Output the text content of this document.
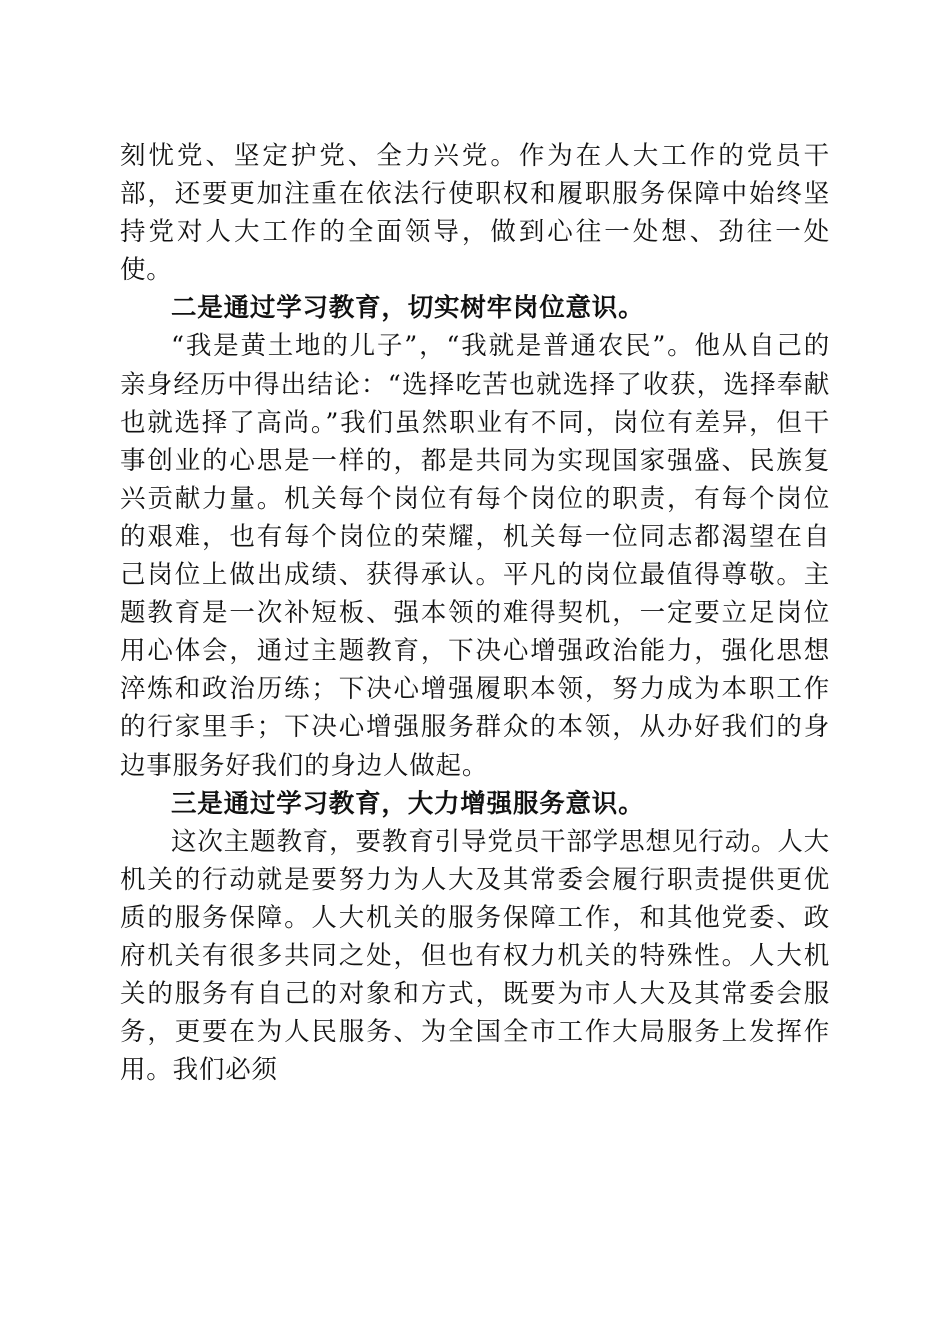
刻忧党、坚定护党、全力兴党。作为在人大工作的党员干部，还要更加注重在依法行使职权和履职服务保障中始终坚持党对人大工作的全面领导，做到心往一处想、劲往一处使。

二是通过学习教育，切实树牢岗位意识。

“我是黄土地的儿子”，“我就是普通农民”。他从自己的亲身经历中得出结论：“选择吃苦也就选择了收获，选择奉献也就选择了高尚。”我们虽然职业有不同，岗位有差异，但干事创业的心思是一样的，都是共同为实现国家强盛、民族复兴贡献力量。机关每个岗位有每个岗位的职责，有每个岗位的艰难，也有每个岗位的荣耀，机关每一位同志都渴望在自己岗位上做出成绩、获得承认。平凡的岗位最值得尊敬。主题教育是一次补短板、强本领的难得契机，一定要立足岗位用心体会，通过主题教育，下决心增强政治能力，强化思想淬炼和政治历练；下决心增强履职本领，努力成为本职工作的行家里手；下决心增强服务群众的本领，从办好我们的身边事服务好我们的身边人做起。

三是通过学习教育，大力增强服务意识。

这次主题教育，要教育引导党员干部学思想见行动。人大机关的行动就是要努力为人大及其常委会履行职责提供更优质的服务保障。人大机关的服务保障工作，和其他党委、政府机关有很多共同之处，但也有权力机关的特殊性。人大机关的服务有自己的对象和方式，既要为市人大及其常委会服务，更要在为人民服务、为全国全市工作大局服务上发挥作用。我们必须
